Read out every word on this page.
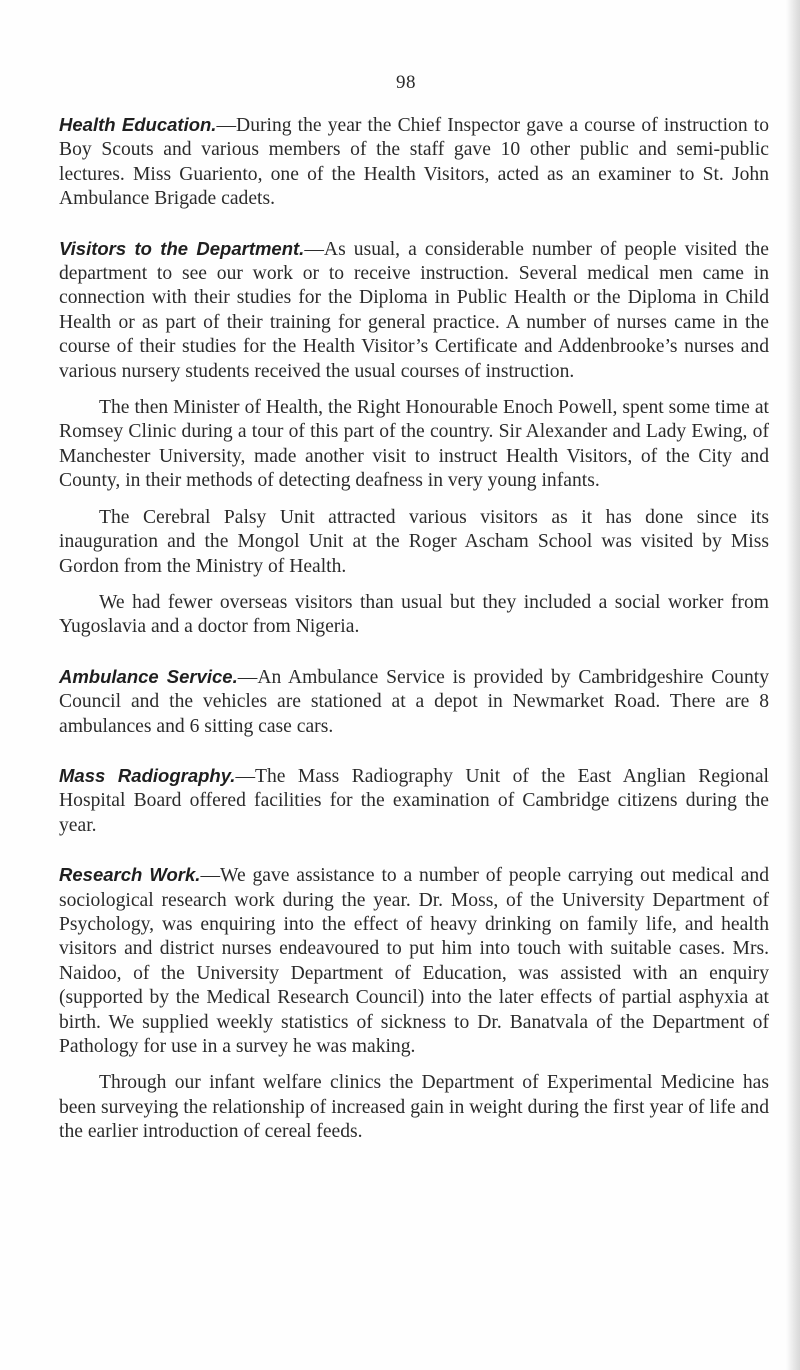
98

Health Education.—During the year the Chief Inspector gave a course of instruction to Boy Scouts and various members of the staff gave 10 other public and semi-public lectures. Miss Guariento, one of the Health Visitors, acted as an examiner to St. John Ambulance Brigade cadets.

Visitors to the Department.—As usual, a considerable number of people visited the department to see our work or to receive instruction. Several medical men came in connection with their studies for the Diploma in Public Health or the Diploma in Child Health or as part of their training for general practice. A number of nurses came in the course of their studies for the Health Visitor’s Certificate and Addenbrooke’s nurses and various nursery students received the usual courses of instruction.

The then Minister of Health, the Right Honourable Enoch Powell, spent some time at Romsey Clinic during a tour of this part of the country. Sir Alexander and Lady Ewing, of Manchester University, made another visit to instruct Health Visitors, of the City and County, in their methods of detecting deafness in very young infants.

The Cerebral Palsy Unit attracted various visitors as it has done since its inauguration and the Mongol Unit at the Roger Ascham School was visited by Miss Gordon from the Ministry of Health.

We had fewer overseas visitors than usual but they included a social worker from Yugoslavia and a doctor from Nigeria.

Ambulance Service.—An Ambulance Service is provided by Cambridgeshire County Council and the vehicles are stationed at a depot in Newmarket Road. There are 8 ambulances and 6 sitting case cars.

Mass Radiography.—The Mass Radiography Unit of the East Anglian Regional Hospital Board offered facilities for the examination of Cambridge citizens during the year.

Research Work.—We gave assistance to a number of people carrying out medical and sociological research work during the year. Dr. Moss, of the University Department of Psychology, was enquiring into the effect of heavy drinking on family life, and health visitors and district nurses endeavoured to put him into touch with suitable cases. Mrs. Naidoo, of the University Department of Education, was assisted with an enquiry (supported by the Medical Research Council) into the later effects of partial asphyxia at birth. We supplied weekly statistics of sickness to Dr. Banatvala of the Department of Pathology for use in a survey he was making.

Through our infant welfare clinics the Department of Experimental Medicine has been surveying the relationship of increased gain in weight during the first year of life and the earlier introduction of cereal feeds.
